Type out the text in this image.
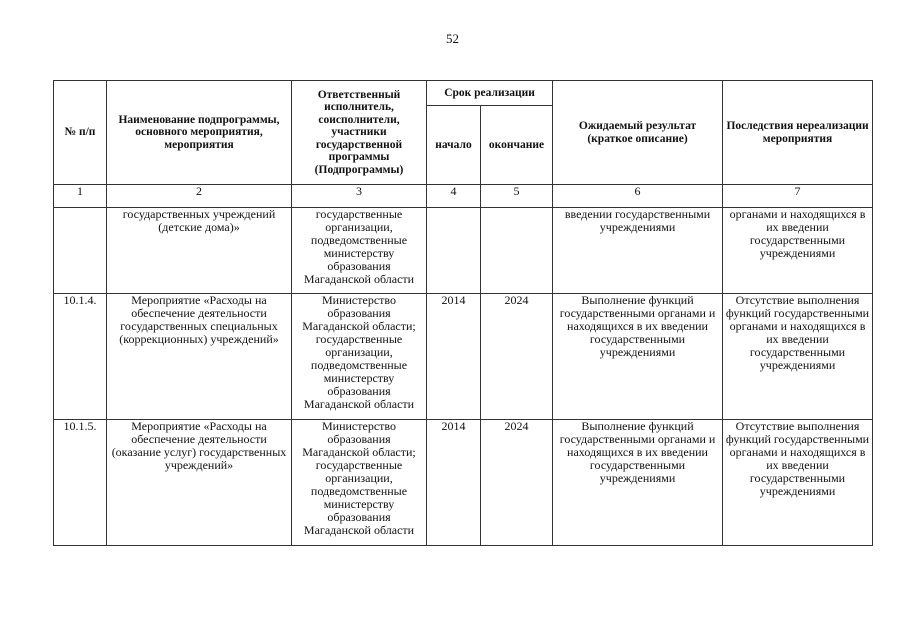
52
№ п/п	Наименование подпрограммы, основного мероприятия, мероприятия	Ответственный исполнитель, соисполнители, участники государственной программы (Подпрограммы)	Срок реализации		Ожидаемый результат (краткое описание)	Последствия нереализации мероприятия
			начало	окончание		
1	2	3	4	5	6	7
	государственных учреждений (детские дома)»	государственные организации, подведомственные министерству образования Магаданской области			введении государственными учреждениями	органами и находящихся в их введении государственными учреждениями
10.1.4.	Мероприятие «Расходы на обеспечение деятельности государственных специальных (коррекционных) учреждений»	Министерство образования Магаданской области; государственные организации, подведомственные министерству образования Магаданской области	2014	2024	Выполнение функций государственными органами и находящихся в их введении государственными учреждениями	Отсутствие выполнения функций государственными органами и находящихся в их введении государственными учреждениями
10.1.5.	Мероприятие «Расходы на обеспечение деятельности (оказание услуг) государственных учреждений»	Министерство образования Магаданской области; государственные организации, подведомственные министерству образования Магаданской области	2014	2024	Выполнение функций государственными органами и находящихся в их введении государственными учреждениями	Отсутствие выполнения функций государственными органами и находящихся в их введении государственными учреждениями
